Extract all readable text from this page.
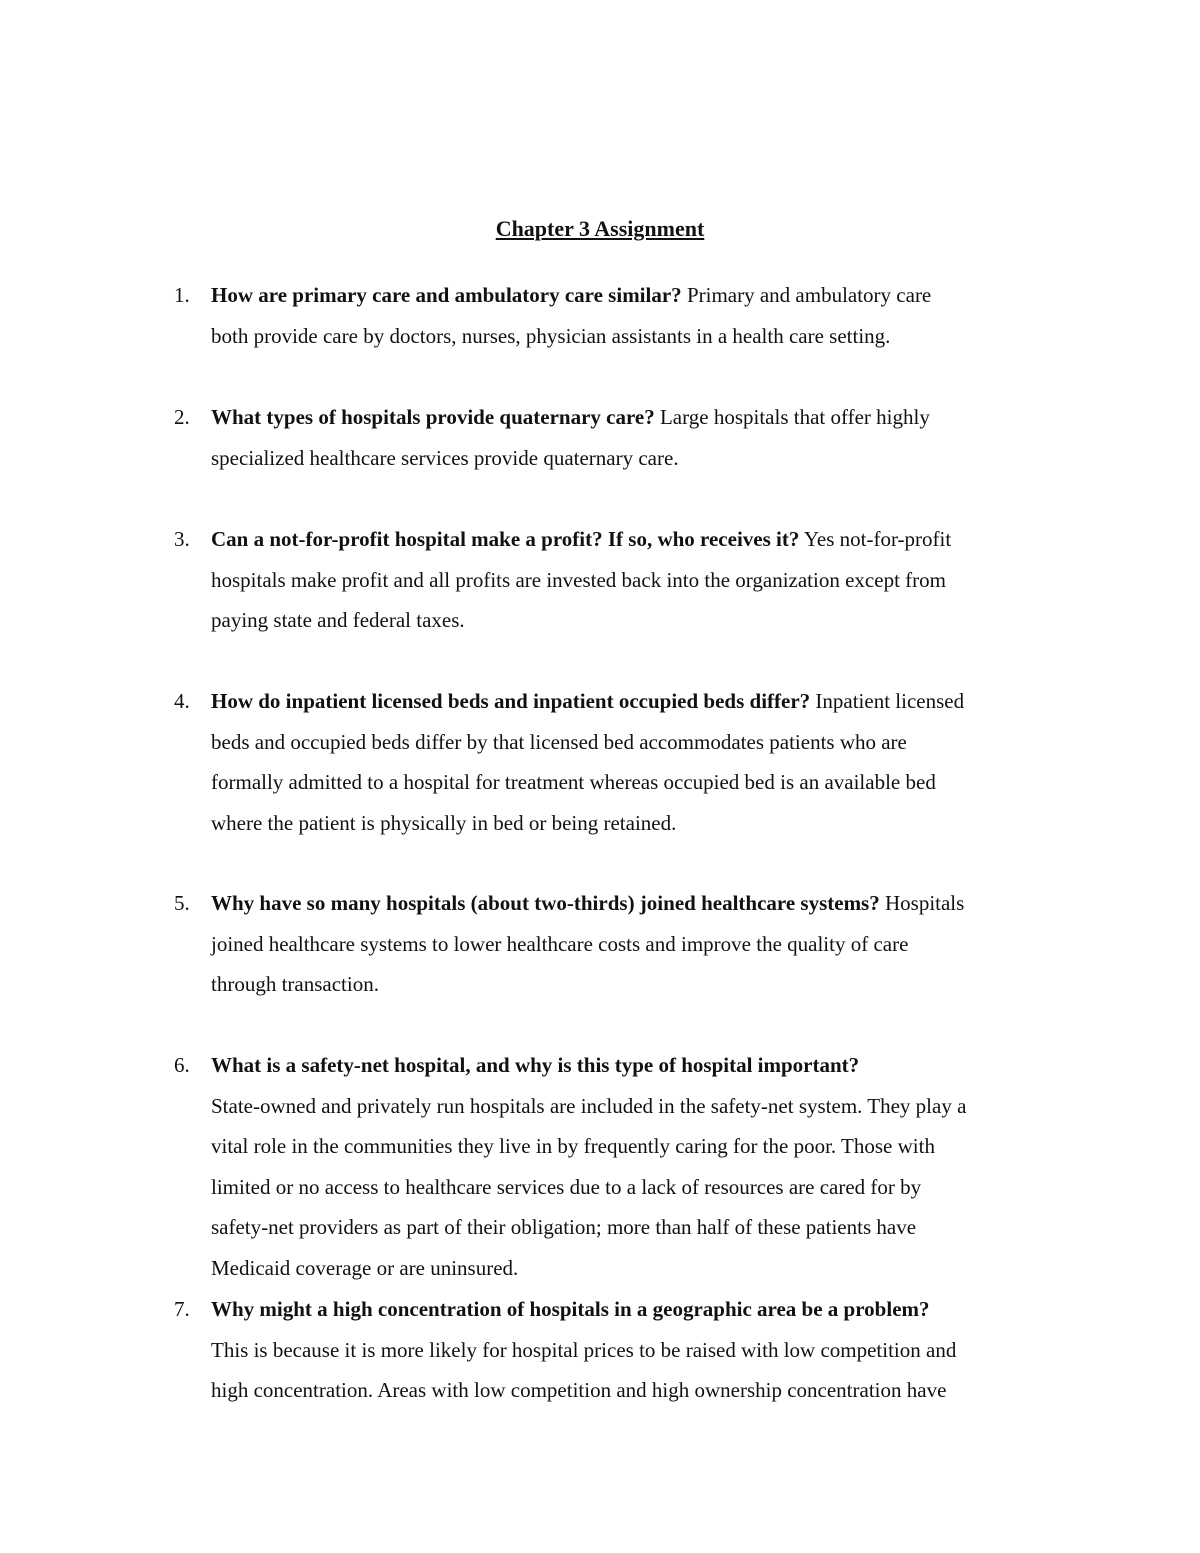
Chapter 3 Assignment
1. How are primary care and ambulatory care similar? Primary and ambulatory care
both provide care by doctors, nurses, physician assistants in a health care setting.
2. What types of hospitals provide quaternary care? Large hospitals that offer highly
specialized healthcare services provide quaternary care.
3. Can a not-for-profit hospital make a profit? If so, who receives it? Yes not-for-profit
hospitals make profit and all profits are invested back into the organization except from
paying state and federal taxes.
4. How do inpatient licensed beds and inpatient occupied beds differ? Inpatient licensed
beds and occupied beds differ by that licensed bed accommodates patients who are
formally admitted to a hospital for treatment whereas occupied bed is an available bed
where the patient is physically in bed or being retained.
5. Why have so many hospitals (about two-thirds) joined healthcare systems? Hospitals
joined healthcare systems to lower healthcare costs and improve the quality of care
through transaction.
6. What is a safety-net hospital, and why is this type of hospital important?
State-owned and privately run hospitals are included in the safety-net system. They play a
vital role in the communities they live in by frequently caring for the poor. Those with
limited or no access to healthcare services due to a lack of resources are cared for by
safety-net providers as part of their obligation; more than half of these patients have
Medicaid coverage or are uninsured.
7. Why might a high concentration of hospitals in a geographic area be a problem?
This is because it is more likely for hospital prices to be raised with low competition and
high concentration. Areas with low competition and high ownership concentration have
